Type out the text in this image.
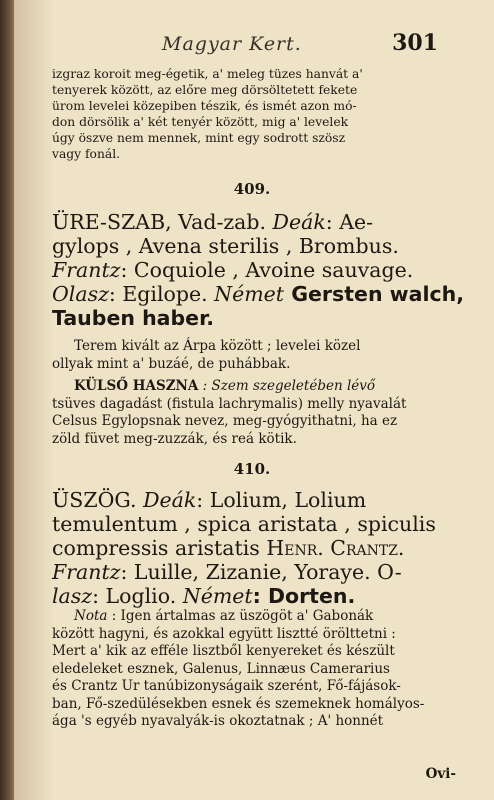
Magyar Kert.	301

izgraz koroit meg-égetik, a' meleg tüzes hanvát a'

tenyerek között, az előre meg dörsöltetett fekete

ürom levelei közepiben tészik, és ismét azon mó-

don dörsölik a' két tenyér között, mig a' levelek

úgy öszve nem mennek, mint egy sodrott szösz

vagy fonál.

409.

ÜRE-SZAB, Vad-zab. Deák: Ae-

gylops , Avena sterilis , Brombus.

Frantz: Coquiole , Avoine sauvage.

Olasz: Egilope. Német Gersten walch,

Tauben haber.

Terem kivált az Árpa között ; levelei közel

ollyak mint a' buzáé, de puhábbak.

KÜLSŐ HASZNA : Szem szegeletében lévő

tsüves dagadást (fistula lachrymalis) melly nyavalát

Celsus Egylopsnak nevez, meg-gyógyithatni, ha ez

zöld füvet meg-zuzzák, és reá kötik.

410.

ÜSZÖG. Deák: Lolium, Lolium

temulentum , spica aristata , spiculis

compressis aristatis Henr. Crantz.

Frantz: Luille, Zizanie, Yoraye. O-

lasz: Loglio. Német: Dorten.

Nota : Igen ártalmas az üszögöt a' Gabonák

között hagyni, és azokkal együtt lisztté örölttetni :

Mert a' kik az efféle lisztből kenyereket és készült

eledeleket esznek, Galenus, Linnæus Camerarius

és Crantz Ur tanúbizonyságaik szerént, Fő-fájások-

ban, Fő-szedülésekben esnek és szemeknek homályos-

ága 's egyéb nyavalyák-is okoztatnak ; A' honnét

Ovi-
